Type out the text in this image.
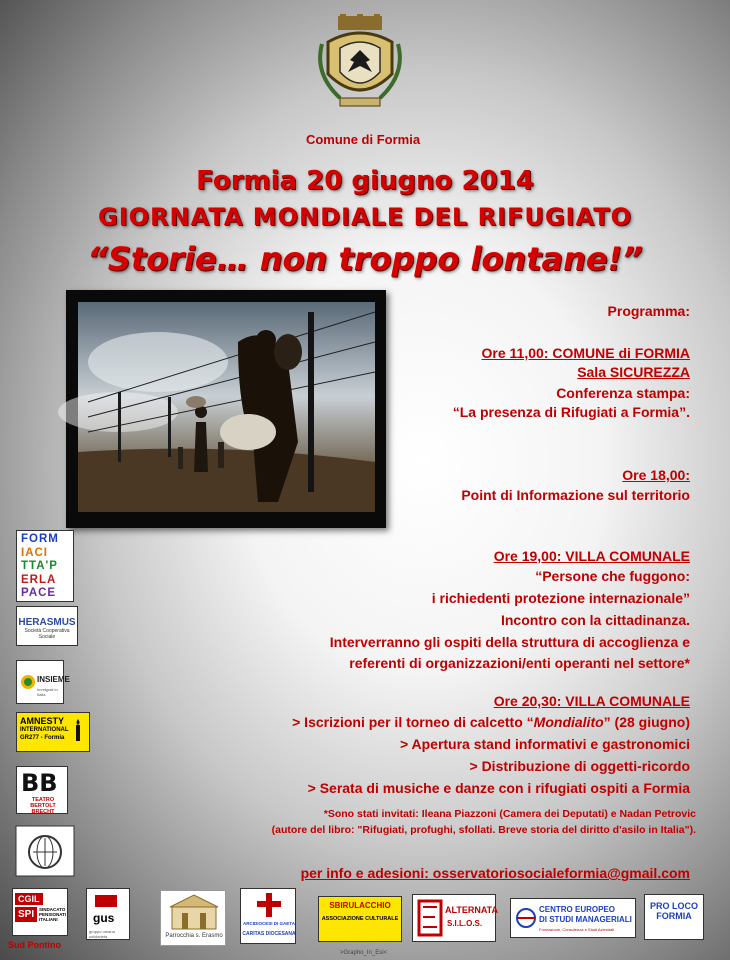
Comune di Formia
Formia 20 giugno 2014
GIORNATA MONDIALE DEL RIFUGIATO
“Storie… non troppo lontane!”
Programma:
Ore 11,00: COMUNE di FORMIA
Sala SICUREZZA
Conferenza stampa:
“La presenza di Rifugiati a Formia”.
Ore 18,00:
Point di Informazione sul territorio
Ore 19,00: VILLA COMUNALE
“Persone che fuggono:
i richiedenti protezione internazionale”
Incontro con la cittadinanza.
Interverranno gli ospiti della struttura di accoglienza e
referenti di organizzazioni/enti operanti nel settore*
Ore 20,30: VILLA COMUNALE
> Iscrizioni per il torneo di calcetto “Mondialito” (28 giugno)
> Apertura stand informativi e gastronomici
> Distribuzione di oggetti-ricordo
> Serata di musiche e danze con i rifugiati ospiti a Formia
*Sono stati invitati: Ileana Piazzoni (Camera dei Deputati) e Nadan Petrovic
(autore del libro: "Rifugiati, profughi, sfollati. Breve storia del diritto d'asilo in Italia").
per info e adesioni: osservatoriosocialeformia@gmail.com
FORM
IACI
TTA'P
ERLA
PACE
HERASMUS
Società Cooperativa Sociale
INSIEME
Immigrati in Italia
AMNESTY
INTERNATIONAL
GR277 - Formia
BB
TEATRO BERTOLT BRECHT
CGIL
SPI	SINDACATO PENSIONATI ITALIANI
Sud Pontino
gus
gruppo umana solidarietà	Parrocchia s. Erasmo
ARCIDIOCESI DI GAETA
CARITAS DIOCESANA
SBIRULACCHIO
ASSOCIAZIONE CULTURALE
ALTERNATA
S.I.L.O.S.
CENTRO EUROPEO
DI STUDI MANAGERIALI
Formazione, Consulenza e Studi Aziendali
PRO LOCO
FORMIA
>Grapho_In_Esi<
